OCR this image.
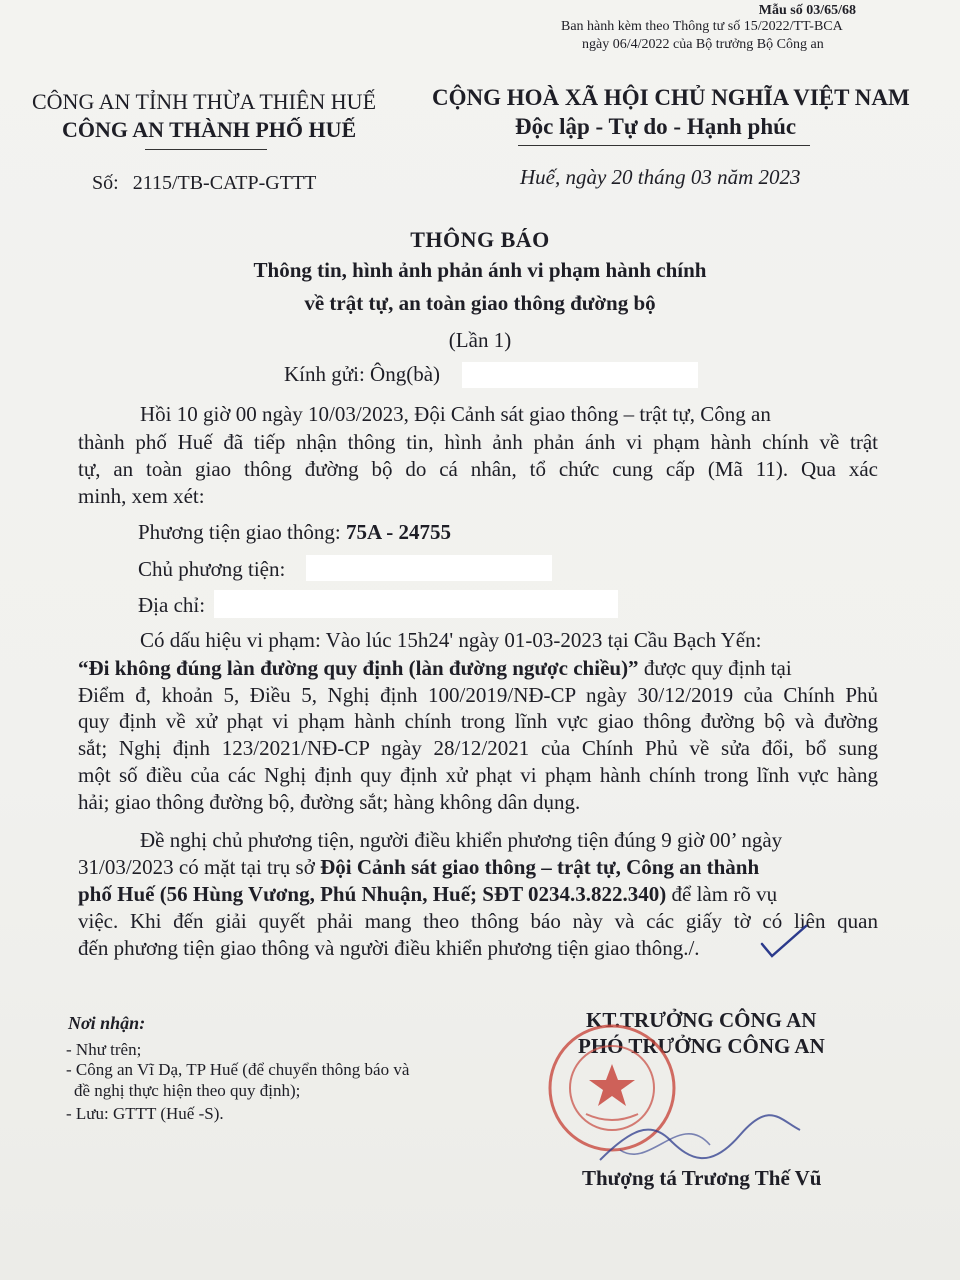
Mẫu số 03/65/68
Ban hành kèm theo Thông tư số 15/2022/TT-BCA
ngày 06/4/2022 của Bộ trưởng Bộ Công an
CÔNG AN TỈNH THỪA THIÊN HUẾ
CÔNG AN THÀNH PHỐ HUẾ
CỘNG HOÀ XÃ HỘI CHỦ NGHĨA VIỆT NAM
Độc lập - Tự do - Hạnh phúc
Số: 2115/TB-CATP-GTTT	Huế, ngày 20 tháng 03 năm 2023
THÔNG BÁO
Thông tin, hình ảnh phản ánh vi phạm hành chính
về trật tự, an toàn giao thông đường bộ
(Lần 1)
Kính gửi: Ông(bà)
Hồi 10 giờ 00 ngày 10/03/2023, Đội Cảnh sát giao thông – trật tự, Công an
thành phố Huế đã tiếp nhận thông tin, hình ảnh phản ánh vi phạm hành chính về trật
tự, an toàn giao thông đường bộ do cá nhân, tổ chức cung cấp (Mã 11). Qua xác
minh, xem xét:
Phương tiện giao thông: 75A - 24755
Chủ phương tiện:
Địa chỉ:
Có dấu hiệu vi phạm: Vào lúc 15h24' ngày 01-03-2023 tại Cầu Bạch Yến:
“Đi không đúng làn đường quy định (làn đường ngược chiều)” được quy định tại
Điểm đ, khoản 5, Điều 5, Nghị định 100/2019/NĐ-CP ngày 30/12/2019 của Chính Phủ
quy định về xử phạt vi phạm hành chính trong lĩnh vực giao thông đường bộ và đường
sắt; Nghị định 123/2021/NĐ-CP ngày 28/12/2021 của Chính Phủ về sửa đổi, bổ sung
một số điều của các Nghị định quy định xử phạt vi phạm hành chính trong lĩnh vực hàng
hải; giao thông đường bộ, đường sắt; hàng không dân dụng.
Đề nghị chủ phương tiện, người điều khiển phương tiện đúng 9 giờ 00’ ngày
31/03/2023 có mặt tại trụ sở Đội Cảnh sát giao thông – trật tự, Công an thành
phố Huế (56 Hùng Vương, Phú Nhuận, Huế; SĐT 0234.3.822.340) để làm rõ vụ
việc. Khi đến giải quyết phải mang theo thông báo này và các giấy tờ có liên quan
đến phương tiện giao thông và người điều khiển phương tiện giao thông./.
Nơi nhận:
- Như trên;
- Công an Vĩ Dạ, TP Huế (để chuyển thông báo và
đề nghị thực hiện theo quy định);
- Lưu: GTTT (Huế -S).
KT.TRƯỞNG CÔNG AN
PHÓ TRƯỞNG CÔNG AN
Thượng tá Trương Thế Vũ
